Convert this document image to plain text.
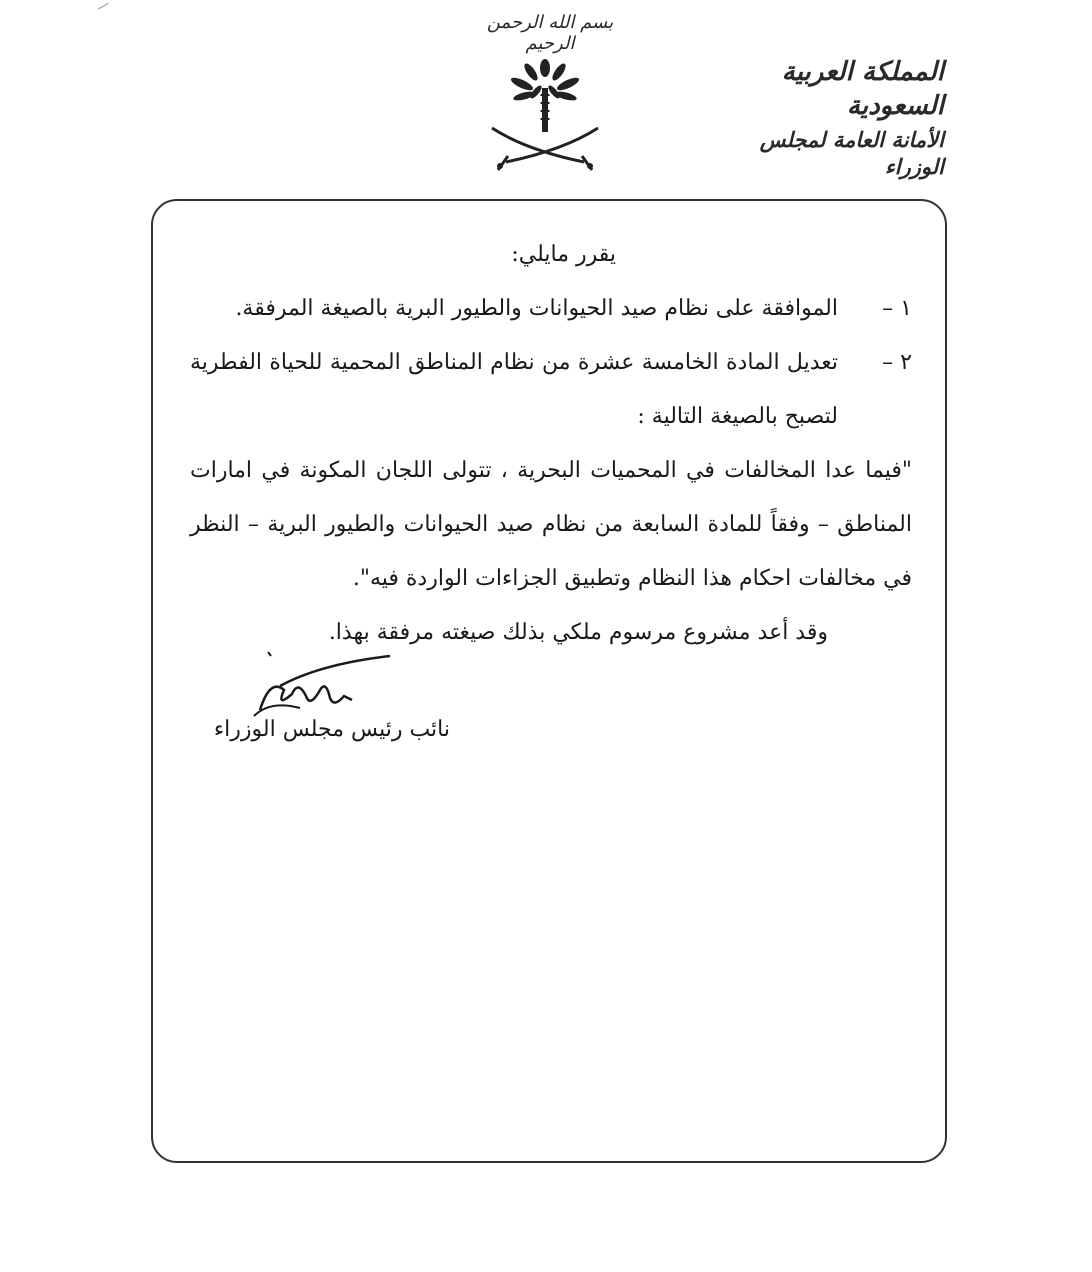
بسم الله الرحمن الرحيم
المملكة العربية السعودية
الأمانة العامة لمجلس الوزراء

يقرر مايلي:

١ –
الموافقة على نظام صيد الحيوانات والطيور البرية بالصيغة المرفقة.

٢ –
تعديل المادة الخامسة عشرة من نظام المناطق المحمية للحياة الفطرية لتصبح بالصيغة التالية :

"فيما عدا المخالفات في المحميات البحرية ، تتولى اللجان المكونة في امارات المناطق – وفقاً للمادة السابعة من نظام صيد الحيوانات والطيور البرية – النظر في مخالفات احكام هذا النظام وتطبيق الجزاءات الواردة فيه".

وقد أعد مشروع مرسوم ملكي بذلك صيغته مرفقة بهذا.

نائب رئيس مجلس الوزراء
